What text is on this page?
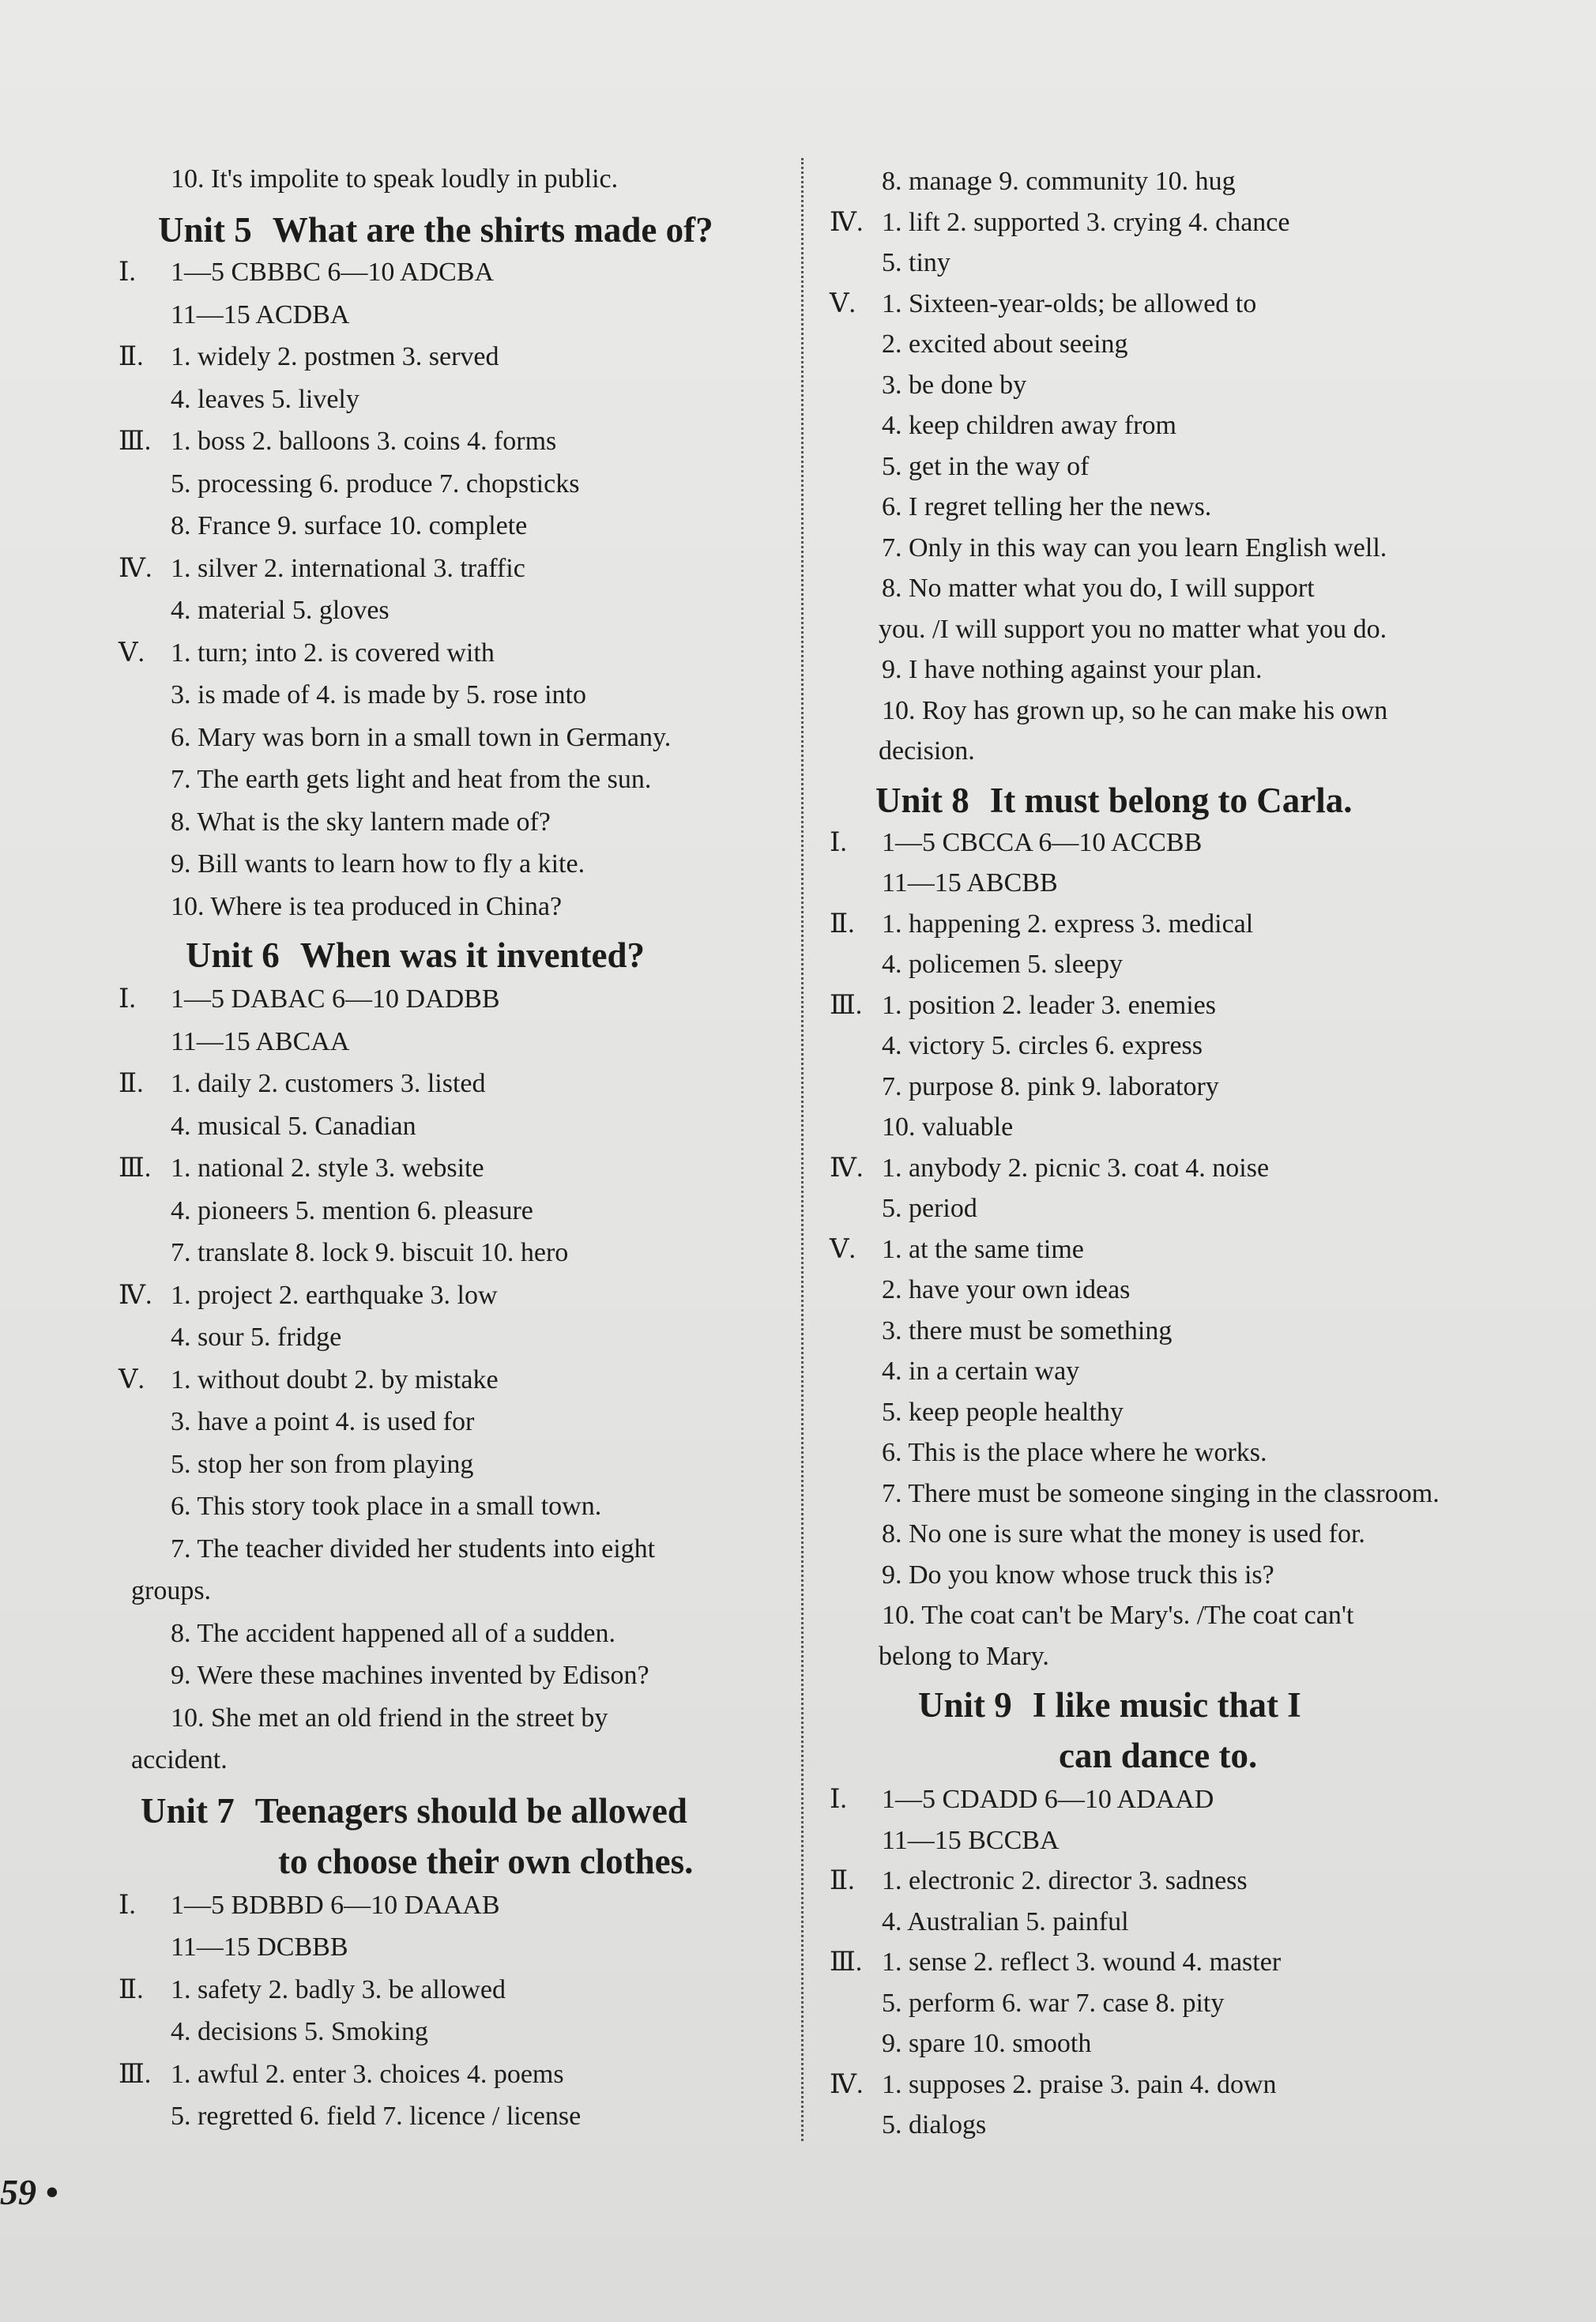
59 •
10. It's impolite to speak loudly in public.
Unit 5 What are the shirts made of?
Ⅰ. 1—5 CBBBC 6—10 ADCBA
11—15 ACDBA
Ⅱ. 1. widely 2. postmen 3. served
4. leaves 5. lively
Ⅲ. 1. boss 2. balloons 3. coins 4. forms
5. processing 6. produce 7. chopsticks
8. France 9. surface 10. complete
Ⅳ. 1. silver 2. international 3. traffic
4. material 5. gloves
Ⅴ. 1. turn; into 2. is covered with
3. is made of 4. is made by 5. rose into
6. Mary was born in a small town in Germany.
7. The earth gets light and heat from the sun.
8. What is the sky lantern made of?
9. Bill wants to learn how to fly a kite.
10. Where is tea produced in China?
Unit 6 When was it invented?
Ⅰ. 1—5 DABAC 6—10 DADBB
11—15 ABCAA
Ⅱ. 1. daily 2. customers 3. listed
4. musical 5. Canadian
Ⅲ. 1. national 2. style 3. website
4. pioneers 5. mention 6. pleasure
7. translate 8. lock 9. biscuit 10. hero
Ⅳ. 1. project 2. earthquake 3. low
4. sour 5. fridge
Ⅴ. 1. without doubt 2. by mistake
3. have a point 4. is used for
5. stop her son from playing
6. This story took place in a small town.
7. The teacher divided her students into eight
groups.
8. The accident happened all of a sudden.
9. Were these machines invented by Edison?
10. She met an old friend in the street by
accident.
Unit 7 Teenagers should be allowed
to choose their own clothes.
Ⅰ. 1—5 BDBBD 6—10 DAAAB
11—15 DCBBB
Ⅱ. 1. safety 2. badly 3. be allowed
4. decisions 5. Smoking
Ⅲ. 1. awful 2. enter 3. choices 4. poems
5. regretted 6. field 7. licence / license
8. manage 9. community 10. hug
Ⅳ. 1. lift 2. supported 3. crying 4. chance
5. tiny
Ⅴ. 1. Sixteen-year-olds; be allowed to
2. excited about seeing
3. be done by
4. keep children away from
5. get in the way of
6. I regret telling her the news.
7. Only in this way can you learn English well.
8. No matter what you do, I will support
you. /I will support you no matter what you do.
9. I have nothing against your plan.
10. Roy has grown up, so he can make his own
decision.
Unit 8 It must belong to Carla.
Ⅰ. 1—5 CBCCA 6—10 ACCBB
11—15 ABCBB
Ⅱ. 1. happening 2. express 3. medical
4. policemen 5. sleepy
Ⅲ. 1. position 2. leader 3. enemies
4. victory 5. circles 6. express
7. purpose 8. pink 9. laboratory
10. valuable
Ⅳ. 1. anybody 2. picnic 3. coat 4. noise
5. period
Ⅴ. 1. at the same time
2. have your own ideas
3. there must be something
4. in a certain way
5. keep people healthy
6. This is the place where he works.
7. There must be someone singing in the classroom.
8. No one is sure what the money is used for.
9. Do you know whose truck this is?
10. The coat can't be Mary's. /The coat can't
belong to Mary.
Unit 9 I like music that I
can dance to.
Ⅰ. 1—5 CDADD 6—10 ADAAD
11—15 BCCBA
Ⅱ. 1. electronic 2. director 3. sadness
4. Australian 5. painful
Ⅲ. 1. sense 2. reflect 3. wound 4. master
5. perform 6. war 7. case 8. pity
9. spare 10. smooth
Ⅳ. 1. supposes 2. praise 3. pain 4. down
5. dialogs
